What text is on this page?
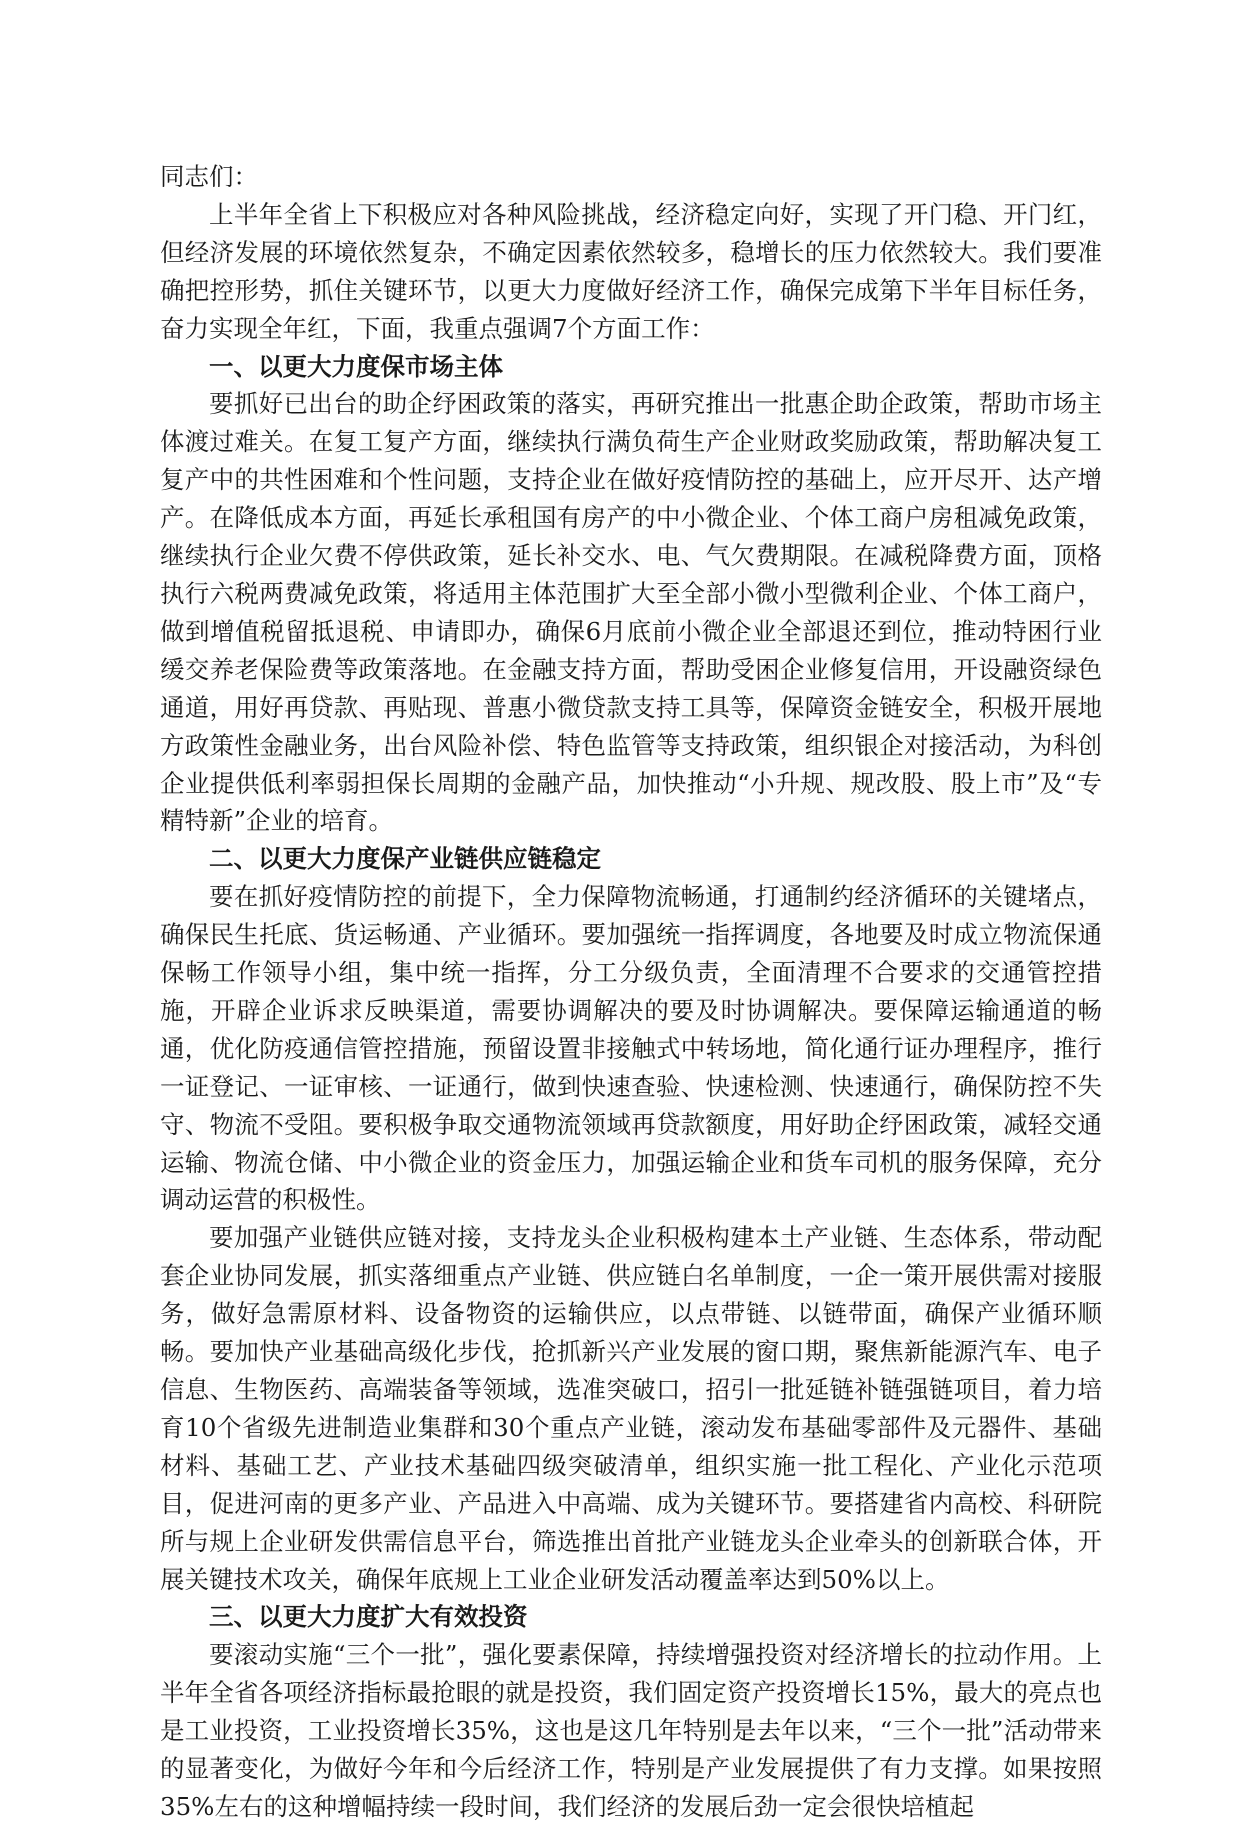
同志们：

上半年全省上下积极应对各种风险挑战，经济稳定向好，实现了开门稳、开门红，但经济发展的环境依然复杂，不确定因素依然较多，稳增长的压力依然较大。我们要准确把控形势，抓住关键环节，以更大力度做好经济工作，确保完成第下半年目标任务，奋力实现全年红，下面，我重点强调7个方面工作：

一、以更大力度保市场主体

要抓好已出台的助企纾困政策的落实，再研究推出一批惠企助企政策，帮助市场主体渡过难关。在复工复产方面，继续执行满负荷生产企业财政奖励政策，帮助解决复工复产中的共性困难和个性问题，支持企业在做好疫情防控的基础上，应开尽开、达产增产。在降低成本方面，再延长承租国有房产的中小微企业、个体工商户房租减免政策，继续执行企业欠费不停供政策，延长补交水、电、气欠费期限。在减税降费方面，顶格执行六税两费减免政策，将适用主体范围扩大至全部小微小型微利企业、个体工商户，做到增值税留抵退税、申请即办，确保6月底前小微企业全部退还到位，推动特困行业缓交养老保险费等政策落地。在金融支持方面，帮助受困企业修复信用，开设融资绿色通道，用好再贷款、再贴现、普惠小微贷款支持工具等，保障资金链安全，积极开展地方政策性金融业务，出台风险补偿、特色监管等支持政策，组织银企对接活动，为科创企业提供低利率弱担保长周期的金融产品，加快推动“小升规、规改股、股上市”及“专精特新”企业的培育。

二、以更大力度保产业链供应链稳定

要在抓好疫情防控的前提下，全力保障物流畅通，打通制约经济循环的关键堵点，确保民生托底、货运畅通、产业循环。要加强统一指挥调度，各地要及时成立物流保通保畅工作领导小组，集中统一指挥，分工分级负责，全面清理不合要求的交通管控措施，开辟企业诉求反映渠道，需要协调解决的要及时协调解决。要保障运输通道的畅通，优化防疫通信管控措施，预留设置非接触式中转场地，简化通行证办理程序，推行一证登记、一证审核、一证通行，做到快速查验、快速检测、快速通行，确保防控不失守、物流不受阻。要积极争取交通物流领域再贷款额度，用好助企纾困政策，减轻交通运输、物流仓储、中小微企业的资金压力，加强运输企业和货车司机的服务保障，充分调动运营的积极性。

要加强产业链供应链对接，支持龙头企业积极构建本土产业链、生态体系，带动配套企业协同发展，抓实落细重点产业链、供应链白名单制度，一企一策开展供需对接服务，做好急需原材料、设备物资的运输供应，以点带链、以链带面，确保产业循环顺畅。要加快产业基础高级化步伐，抢抓新兴产业发展的窗口期，聚焦新能源汽车、电子信息、生物医药、高端装备等领域，选准突破口，招引一批延链补链强链项目，着力培育10个省级先进制造业集群和30个重点产业链，滚动发布基础零部件及元器件、基础材料、基础工艺、产业技术基础四级突破清单，组织实施一批工程化、产业化示范项目，促进河南的更多产业、产品进入中高端、成为关键环节。要搭建省内高校、科研院所与规上企业研发供需信息平台，筛选推出首批产业链龙头企业牵头的创新联合体，开展关键技术攻关，确保年底规上工业企业研发活动覆盖率达到50%以上。

三、以更大力度扩大有效投资

要滚动实施“三个一批”，强化要素保障，持续增强投资对经济增长的拉动作用。上半年全省各项经济指标最抢眼的就是投资，我们固定资产投资增长15%，最大的亮点也是工业投资，工业投资增长35%，这也是这几年特别是去年以来，“三个一批”活动带来的显著变化，为做好今年和今后经济工作，特别是产业发展提供了有力支撑。如果按照35%左右的这种增幅持续一段时间，我们经济的发展后劲一定会很快培植起
